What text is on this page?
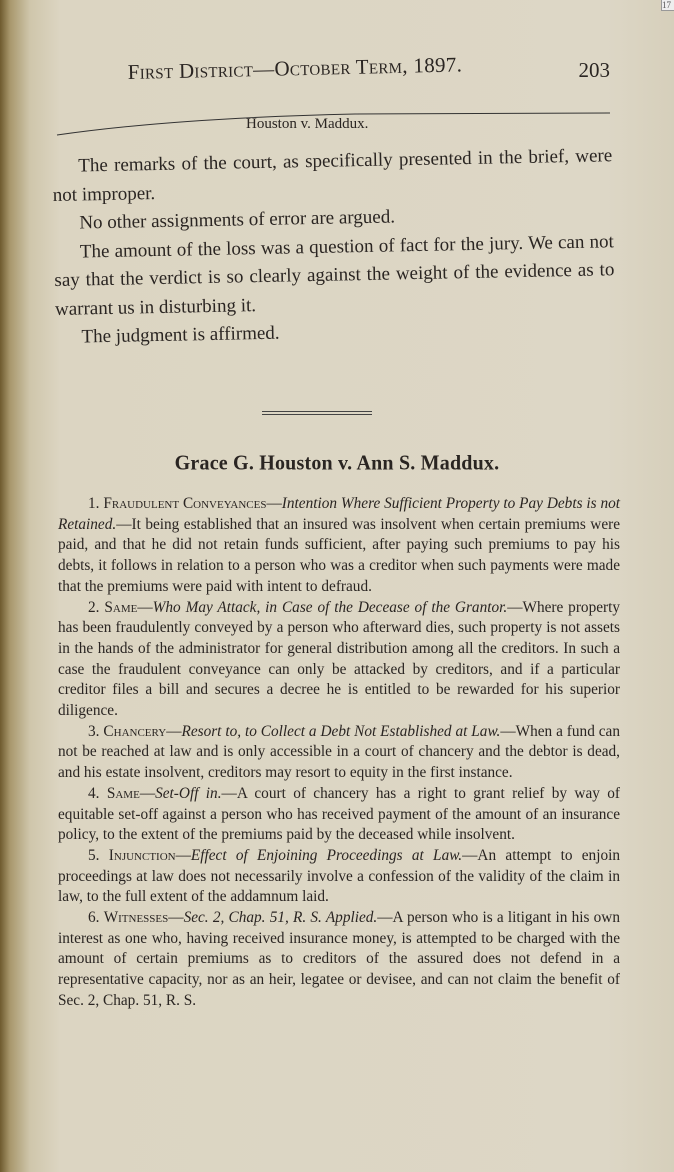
17
First District—October Term, 1897.	203
Houston v. Maddux.

The remarks of the court, as specifically presented in the brief, were not improper.

No other assignments of error are argued.

The amount of the loss was a question of fact for the jury. We can not say that the verdict is so clearly against the weight of the evidence as to warrant us in disturbing it.

The judgment is affirmed.

Grace G. Houston v. Ann S. Maddux.

1. Fraudulent Conveyances—Intention Where Sufficient Property to Pay Debts is not Retained.—It being established that an insured was insolvent when certain premiums were paid, and that he did not retain funds sufficient, after paying such premiums to pay his debts, it follows in relation to a person who was a creditor when such payments were made that the premiums were paid with intent to defraud.

2. Same—Who May Attack, in Case of the Decease of the Grantor.—Where property has been fraudulently conveyed by a person who afterward dies, such property is not assets in the hands of the administrator for general distribution among all the creditors. In such a case the fraudulent conveyance can only be attacked by creditors, and if a particular creditor files a bill and secures a decree he is entitled to be rewarded for his superior diligence.

3. Chancery—Resort to, to Collect a Debt Not Established at Law.—When a fund can not be reached at law and is only accessible in a court of chancery and the debtor is dead, and his estate insolvent, creditors may resort to equity in the first instance.

4. Same—Set-Off in.—A court of chancery has a right to grant relief by way of equitable set-off against a person who has received payment of the amount of an insurance policy, to the extent of the premiums paid by the deceased while insolvent.

5. Injunction—Effect of Enjoining Proceedings at Law.—An attempt to enjoin proceedings at law does not necessarily involve a confession of the validity of the claim in law, to the full extent of the addamnum laid.

6. Witnesses—Sec. 2, Chap. 51, R. S. Applied.—A person who is a litigant in his own interest as one who, having received insurance money, is attempted to be charged with the amount of certain premiums as to creditors of the assured does not defend in a representative capacity, nor as an heir, legatee or devisee, and can not claim the benefit of Sec. 2, Chap. 51, R. S.
